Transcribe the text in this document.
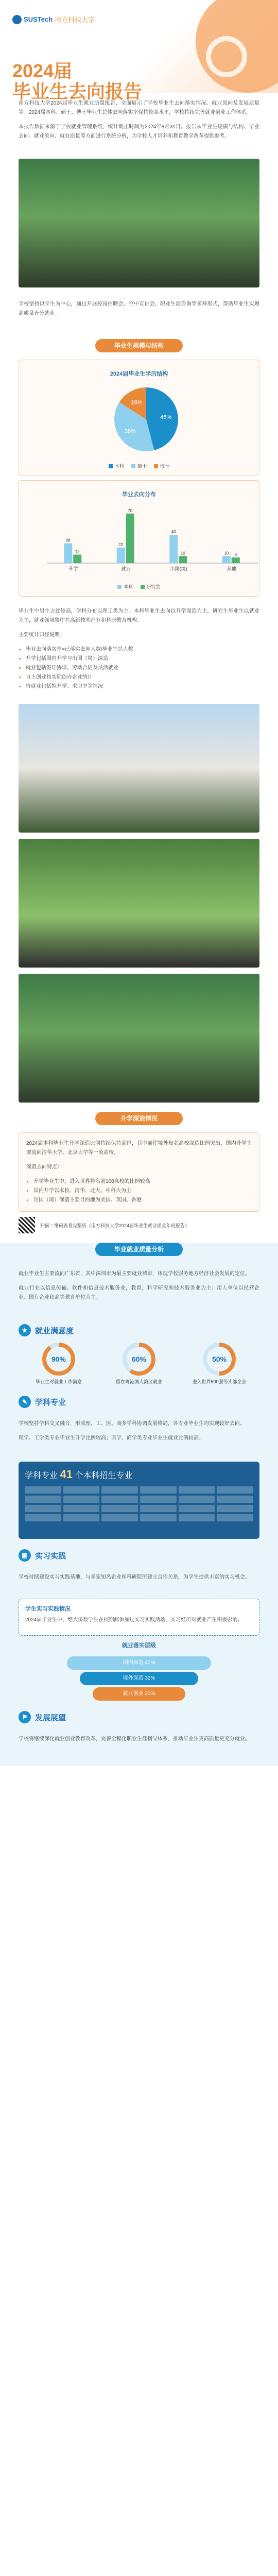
SUSTech 南方科技大学
2024届
毕业生去向报告

南方科技大学2024届毕业生就业质量报告，全面展示了学校毕业生去向落实情况、就业流向及发展质量等。2024届本科、硕士、博士毕业生总体去向落实率保持较高水平，学校持续完善就业创业工作体系。

本报告数据来源于学校就业管理系统，统计截止时间为2024年8月31日。报告从毕业生规模与结构、毕业去向、就业流向、就业质量等方面进行系统分析，为学校人才培养和教育教学改革提供参考。

学校坚持以学生为中心，通过开展校园招聘会、空中宣讲会、职业生涯咨询等多种形式，帮助毕业生实现高质量充分就业。

毕业生规模与结构
2024届毕业生学历结构
46%
38%
16%
本科	硕士	博士
毕业去向分布
28
12
升学
22
70
就业
40
10
出国(境)
10 8
其他
本科	研究生

毕业生中男生占比较高，学科分布以理工类为主。本科毕业生去向以升学深造为主，研究生毕业生以就业为主，就业领域集中在高新技术产业和科研教育机构。

主要统计口径说明：

● 毕业去向落实率=已落实去向人数/毕业生总人数
● 升学包括国内升学与出国（境）深造
● 就业包括签订协议、劳动合同及灵活就业
● 自主创业按实际创办企业统计
● 待就业包括拟升学、求职中等情况
升学深造情况

2024届本科毕业生升学深造比例持续保持高位，其中前往境外知名高校深造比例突出，国内升学主要流向清华大学、北京大学等一流高校。

深造去向特点：

● 升学毕业生中，进入世界排名前100高校的比例较高
● 国内升学以本校、清华、北大、中科大为主
● 出国（境）深造主要目的地为美国、英国、香港
扫描二维码查看完整版《南方科技大学2024届毕业生就业质量年度报告》
毕业就业质量分析

就业毕业生主要流向广东省，其中深圳市为最主要就业城市，体现学校服务地方经济社会发展的定位。

就业行业以信息传输、软件和信息技术服务业，教育，科学研究和技术服务业为主；用人单位以民营企业、国有企业和高等教育单位为主。

★ 就业满意度
90%
毕业生对就业工作满意
60%
留在粤港澳大湾区就业
50%
进入世界500强等头部企业
✎ 学科专业

学校坚持学科交叉融合，形成理、工、医、商多学科协调发展格局，各专业毕业生均实现较好去向。

理学、工学类专业毕业生升学比例较高；医学、商学类专业毕业生就业比例较高。

学科专业 41 个本科招生专业
▣ 实习实践

学校持续建设实习实践基地，与多家知名企业和科研院所建立合作关系，为学生提供丰富的实习机会。

学生实习实践情况

2024届毕业生中，绝大多数学生在校期间参加过实习实践活动，实习经历对就业产生积极影响。

就业落实层级
国内深造 47%
境外深造 32%
就业创业 21%
⚑ 发展展望

学校将继续深化就业创业教育改革，完善全程化职业生涯指导体系，推动毕业生更高质量更充分就业。
